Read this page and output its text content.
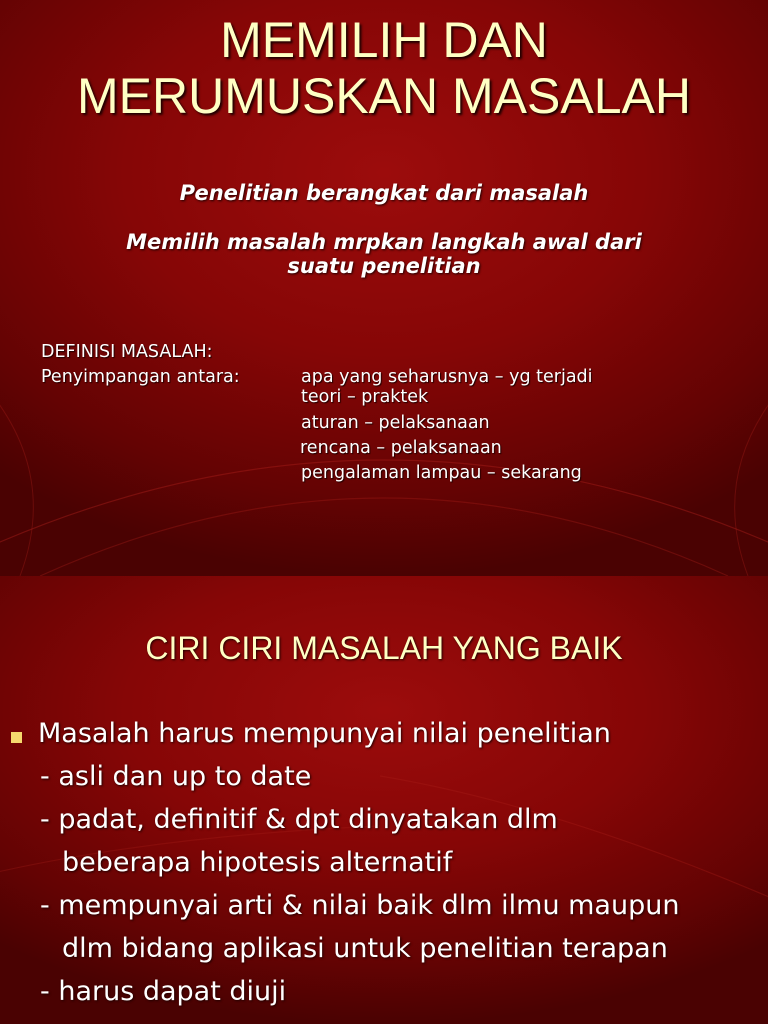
MEMILIH DAN
MERUMUSKAN MASALAH
Penelitian berangkat dari masalah
Memilih masalah mrpkan langkah awal dari
suatu penelitian
DEFINISI MASALAH:
Penyimpangan antara:	apa yang seharusnya – yg terjadi
teori – praktek
aturan – pelaksanaan
rencana – pelaksanaan
pengalaman lampau – sekarang
CIRI CIRI MASALAH YANG BAIK
Masalah harus mempunyai nilai penelitian
- asli dan up to date
- padat, definitif & dpt dinyatakan dlm
beberapa hipotesis alternatif
- mempunyai arti & nilai baik dlm ilmu maupun
dlm bidang aplikasi untuk penelitian terapan
- harus dapat diuji
